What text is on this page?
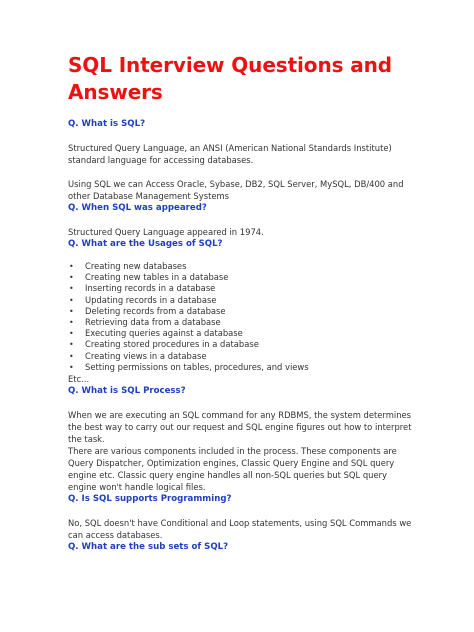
SQL Interview Questions and Answers

Q. What is SQL?

Structured Query Language, an ANSI (American National Standards Institute) standard language for accessing databases.

Using SQL we can Access Oracle, Sybase, DB2, SQL Server, MySQL, DB/400 and other Database Management Systems

Q. When SQL was appeared?

Structured Query Language appeared in 1974.

Q. What are the Usages of SQL?

• Creating new databases
• Creating new tables in a database
• Inserting records in a database
• Updating records in a database
• Deleting records from a database
• Retrieving data from a database
• Executing queries against a database
• Creating stored procedures in a database
• Creating views in a database
• Setting permissions on tables, procedures, and views

Etc...

Q. What is SQL Process?

When we are executing an SQL command for any RDBMS, the system determines the best way to carry out our request and SQL engine figures out how to interpret the task.

There are various components included in the process. These components are Query Dispatcher, Optimization engines, Classic Query Engine and SQL query engine etc. Classic query engine handles all non-SQL queries but SQL query engine won't handle logical files.

Q. Is SQL supports Programming?

No, SQL doesn't have Conditional and Loop statements, using SQL Commands we can access databases.

Q. What are the sub sets of SQL?
